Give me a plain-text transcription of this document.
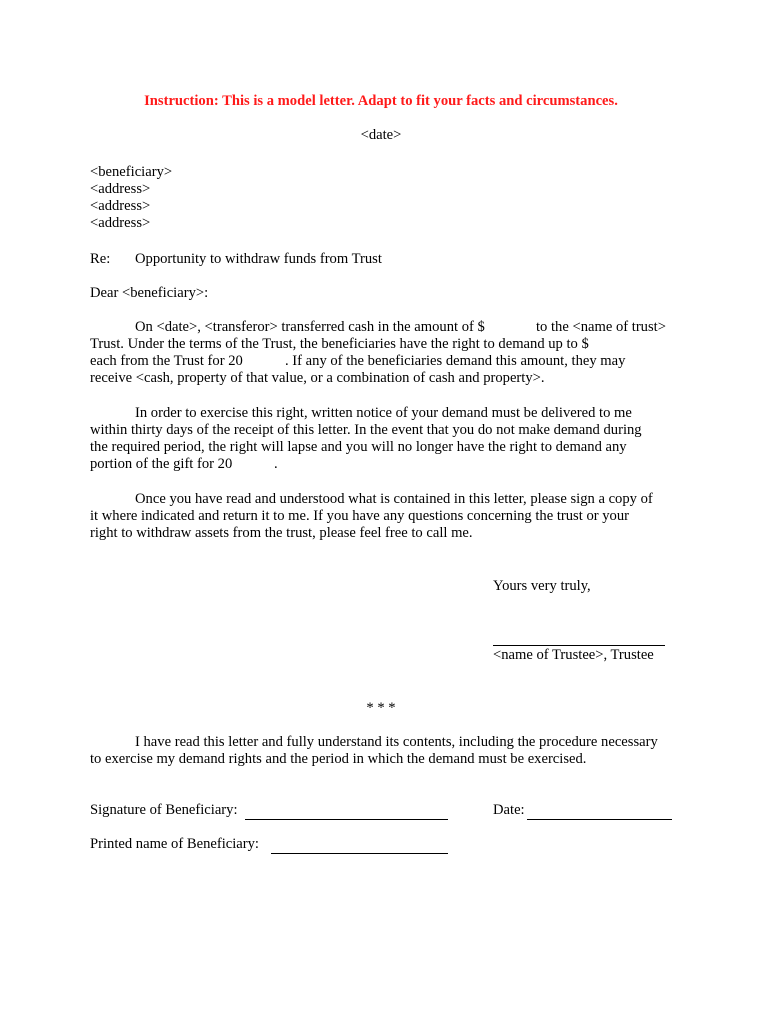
Instruction: This is a model letter. Adapt to fit your facts and circumstances.
<date>
<beneficiary>
<address>
<address>
<address>
Re: Opportunity to withdraw funds from Trust
Dear <beneficiary>:
On <date>, <transferor> transferred cash in the amount of $	to the <name of trust>
Trust. Under the terms of the Trust, the beneficiaries have the right to demand up to $
each from the Trust for 20	. If any of the beneficiaries demand this amount, they may
receive <cash, property of that value, or a combination of cash and property>.
In order to exercise this right, written notice of your demand must be delivered to me
within thirty days of the receipt of this letter. In the event that you do not make demand during
the required period, the right will lapse and you will no longer have the right to demand any
portion of the gift for 20	.
Once you have read and understood what is contained in this letter, please sign a copy of
it where indicated and return it to me. If you have any questions concerning the trust or your
right to withdraw assets from the trust, please feel free to call me.
Yours very truly,
<name of Trustee>, Trustee
* * *
I have read this letter and fully understand its contents, including the procedure necessary
to exercise my demand rights and the period in which the demand must be exercised.
Signature of Beneficiary:	Date:
Printed name of Beneficiary:
